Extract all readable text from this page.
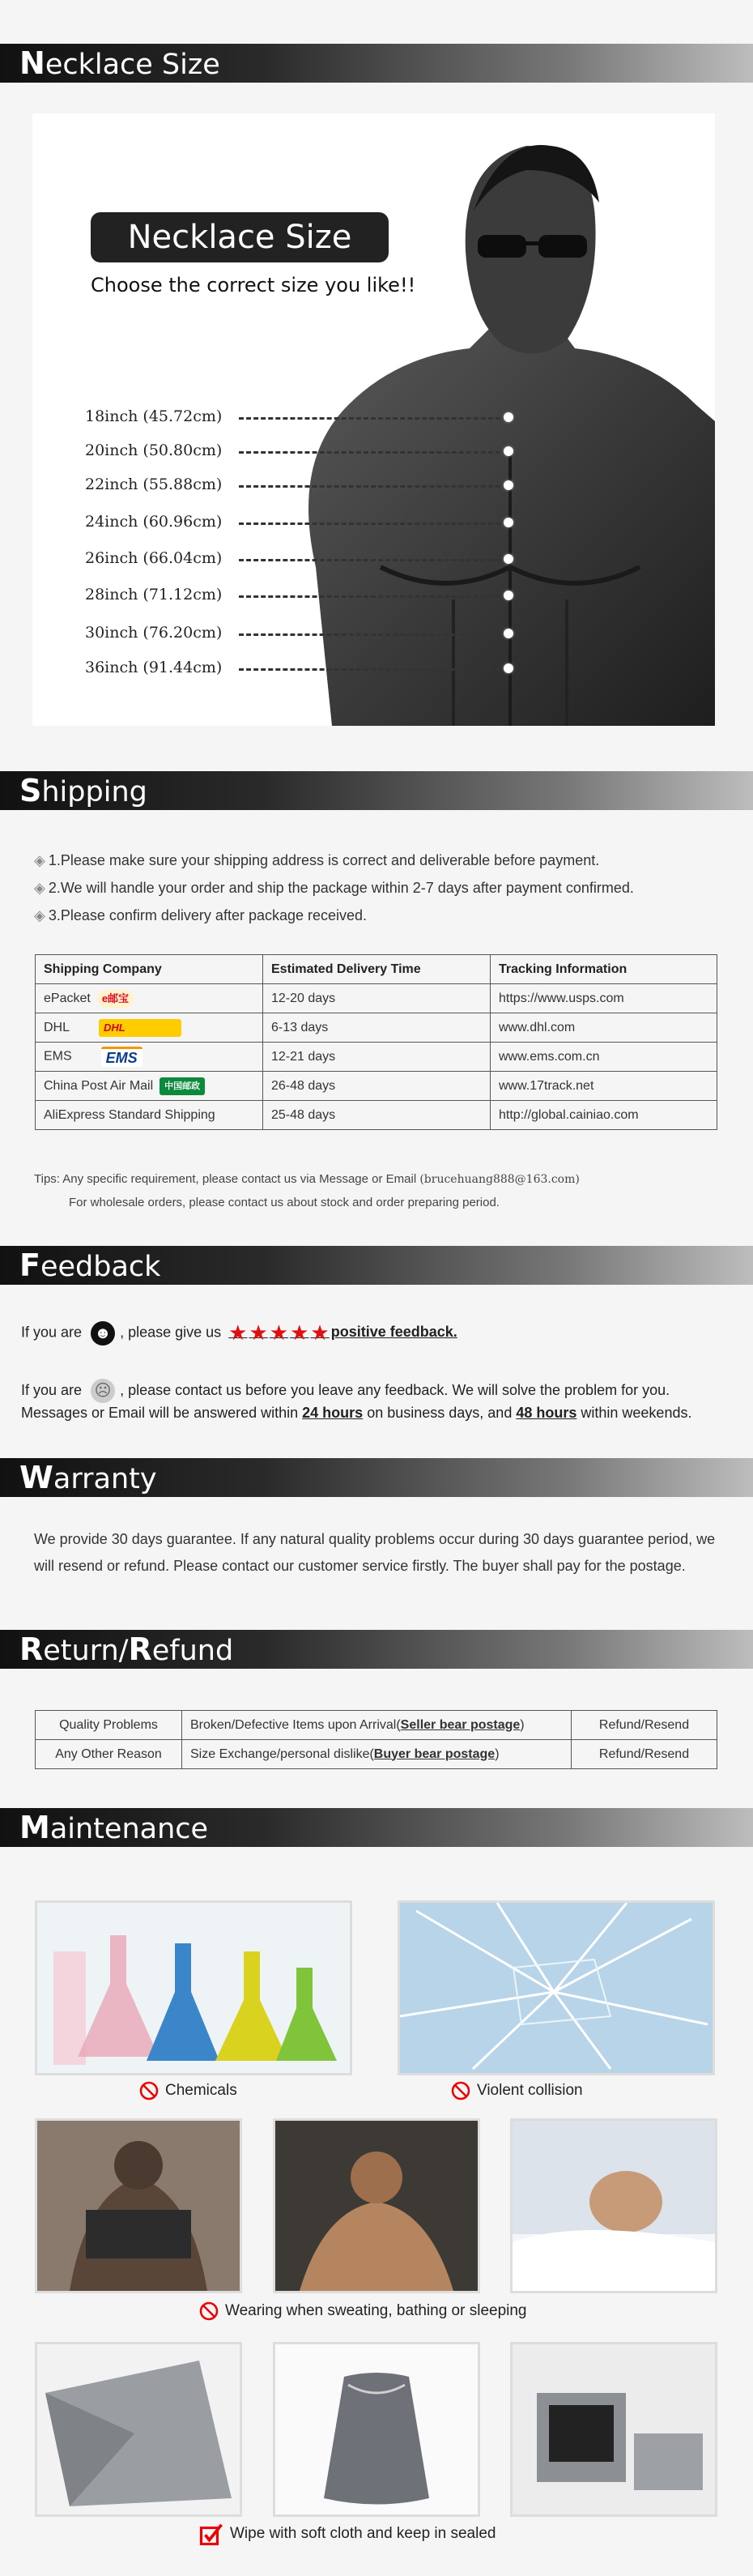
Necklace Size
Necklace Size
Choose the correct size you like!!
18inch (45.72cm)
20inch (50.80cm)
22inch (55.88cm)
24inch (60.96cm)
26inch (66.04cm)
28inch (71.12cm)
30inch (76.20cm)
36inch (91.44cm)
Shipping
◈ 1.Please make sure your shipping address is correct and deliverable before payment.
◈ 2.We will handle your order and ship the package within 2-7 days after payment confirmed.
◈ 3.Please confirm delivery after package received.
Shipping Company	Estimated Delivery Time	Tracking Information
ePacket e邮宝	12-20 days	https://www.usps.com
DHL DHL	6-13 days	www.dhl.com
EMS EMS	12-21 days	www.ems.com.cn
China Post Air Mail 中国邮政	26-48 days	www.17track.net
AliExpress Standard Shipping	25-48 days	http://global.cainiao.com
Tips: Any specific requirement, please contact us via Message or Email (brucehuang888@163.com)
For wholesale orders, please contact us about stock and order preparing period.
Feedback
If you are ☻ , please give us ★★★★★ positive feedback.
If you are ☹ , please contact us before you leave any feedback. We will solve the problem for you.
Messages or Email will be answered within 24 hours on business days, and 48 hours within weekends.
Warranty
We provide 30 days guarantee. If any natural quality problems occur during 30 days guarantee period, we will resend or refund. Please contact our customer service firstly. The buyer shall pay for the postage.
Return/Refund
Quality Problems	Broken/Defective Items upon Arrival(Seller bear postage)	Refund/Resend
Any Other Reason	Size Exchange/personal dislike(Buyer bear postage)	Refund/Resend
Maintenance
Chemicals	Violent collision
Wearing when sweating, bathing or sleeping
Wipe with soft cloth and keep in sealed
